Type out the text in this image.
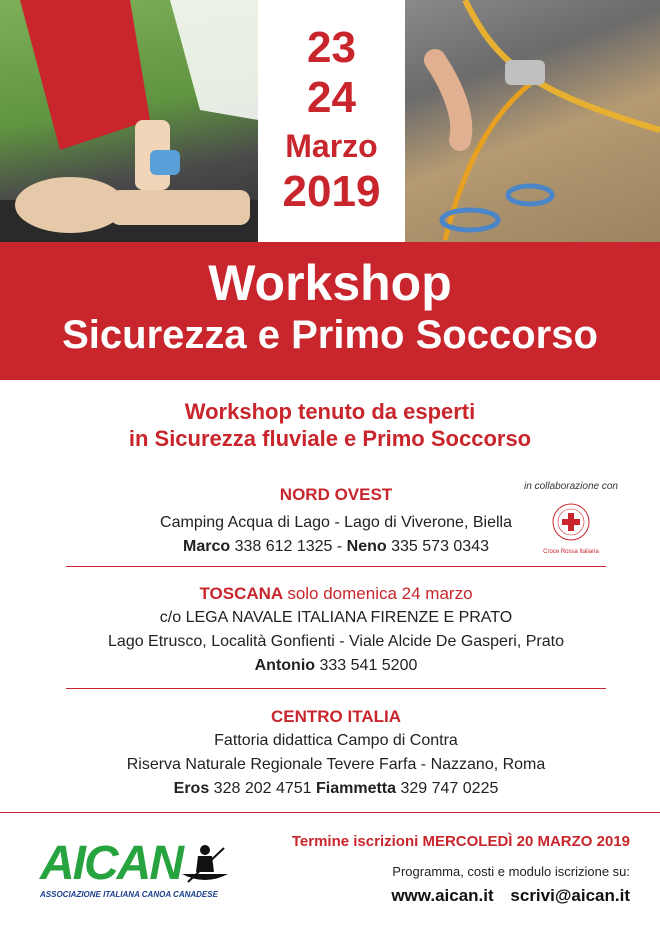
23
24
Marzo
2019
Workshop
Sicurezza e Primo Soccorso
Workshop tenuto da esperti
in Sicurezza fluviale e Primo Soccorso
in collaborazione con
Croce Rossa Italiana
NORD OVEST
Camping Acqua di Lago - Lago di Viverone, Biella
Marco 338 612 1325 - Neno 335 573 0343
TOSCANA solo domenica 24 marzo
c/o LEGA NAVALE ITALIANA FIRENZE E PRATO
Lago Etrusco, Località Gonfienti - Viale Alcide De Gasperi, Prato
Antonio 333 541 5200
CENTRO ITALIA
Fattoria didattica Campo di Contra
Riserva Naturale Regionale Tevere Farfa - Nazzano, Roma
Eros 328 202 4751 Fiammetta 329 747 0225
AICAN
ASSOCIAZIONE ITALIANA CANOA CANADESE
Termine iscrizioni MERCOLEDÌ 20 MARZO 2019
Programma, costi e modulo iscrizione su:
www.aican.it scrivi@aican.it
